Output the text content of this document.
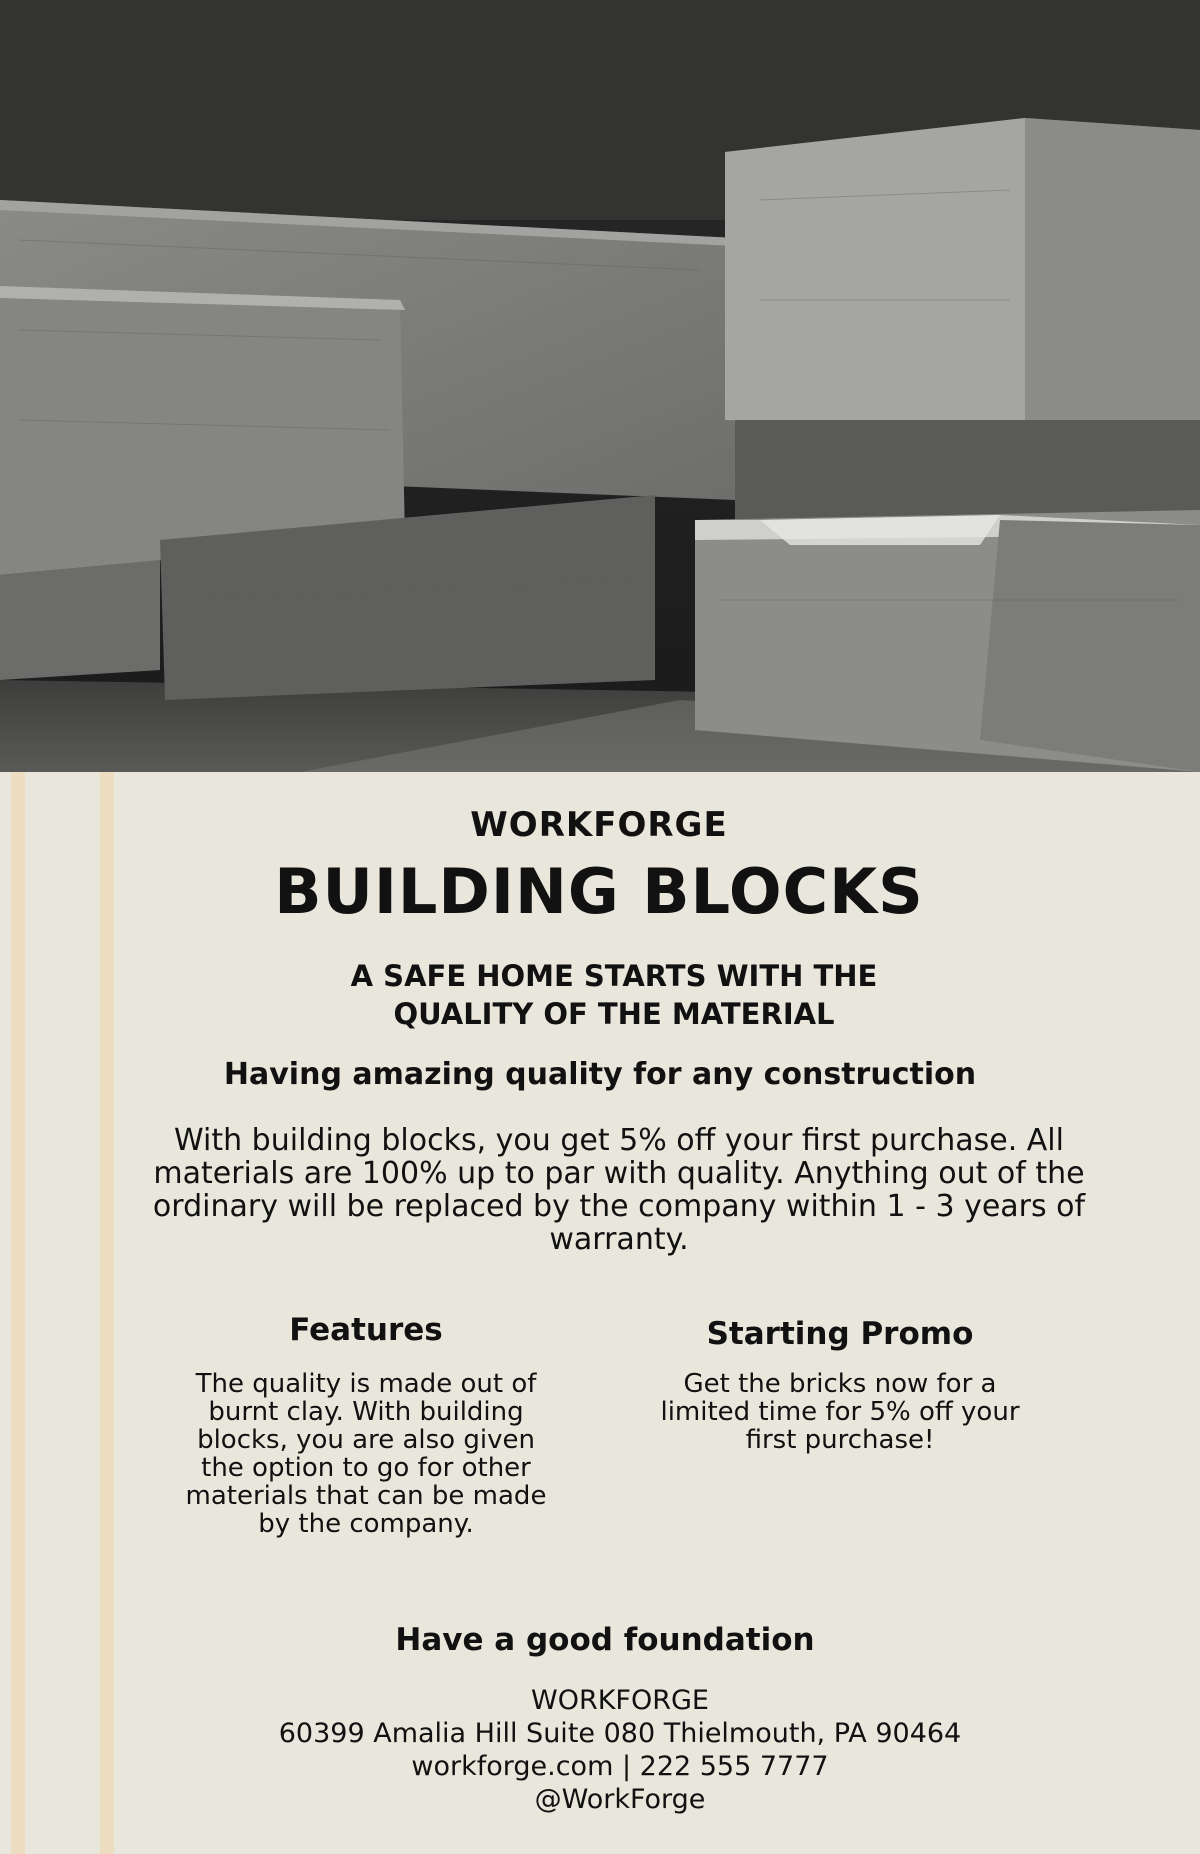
WORKFORGE
BUILDING BLOCKS
A SAFE HOME STARTS WITH THE
QUALITY OF THE MATERIAL
Having amazing quality for any construction
With building blocks, you get 5% off your first purchase. All materials are 100% up to par with quality. Anything out of the ordinary will be replaced by the company within 1 - 3 years of warranty.
Features

The quality is made out of burnt clay. With building blocks, you are also given the option to go for other materials that can be made by the company.

Starting Promo

Get the bricks now for a limited time for 5% off your first purchase!

Have a good foundation
WORKFORGE
60399 Amalia Hill Suite 080 Thielmouth, PA 90464
workforge.com | 222 555 7777
@WorkForge
